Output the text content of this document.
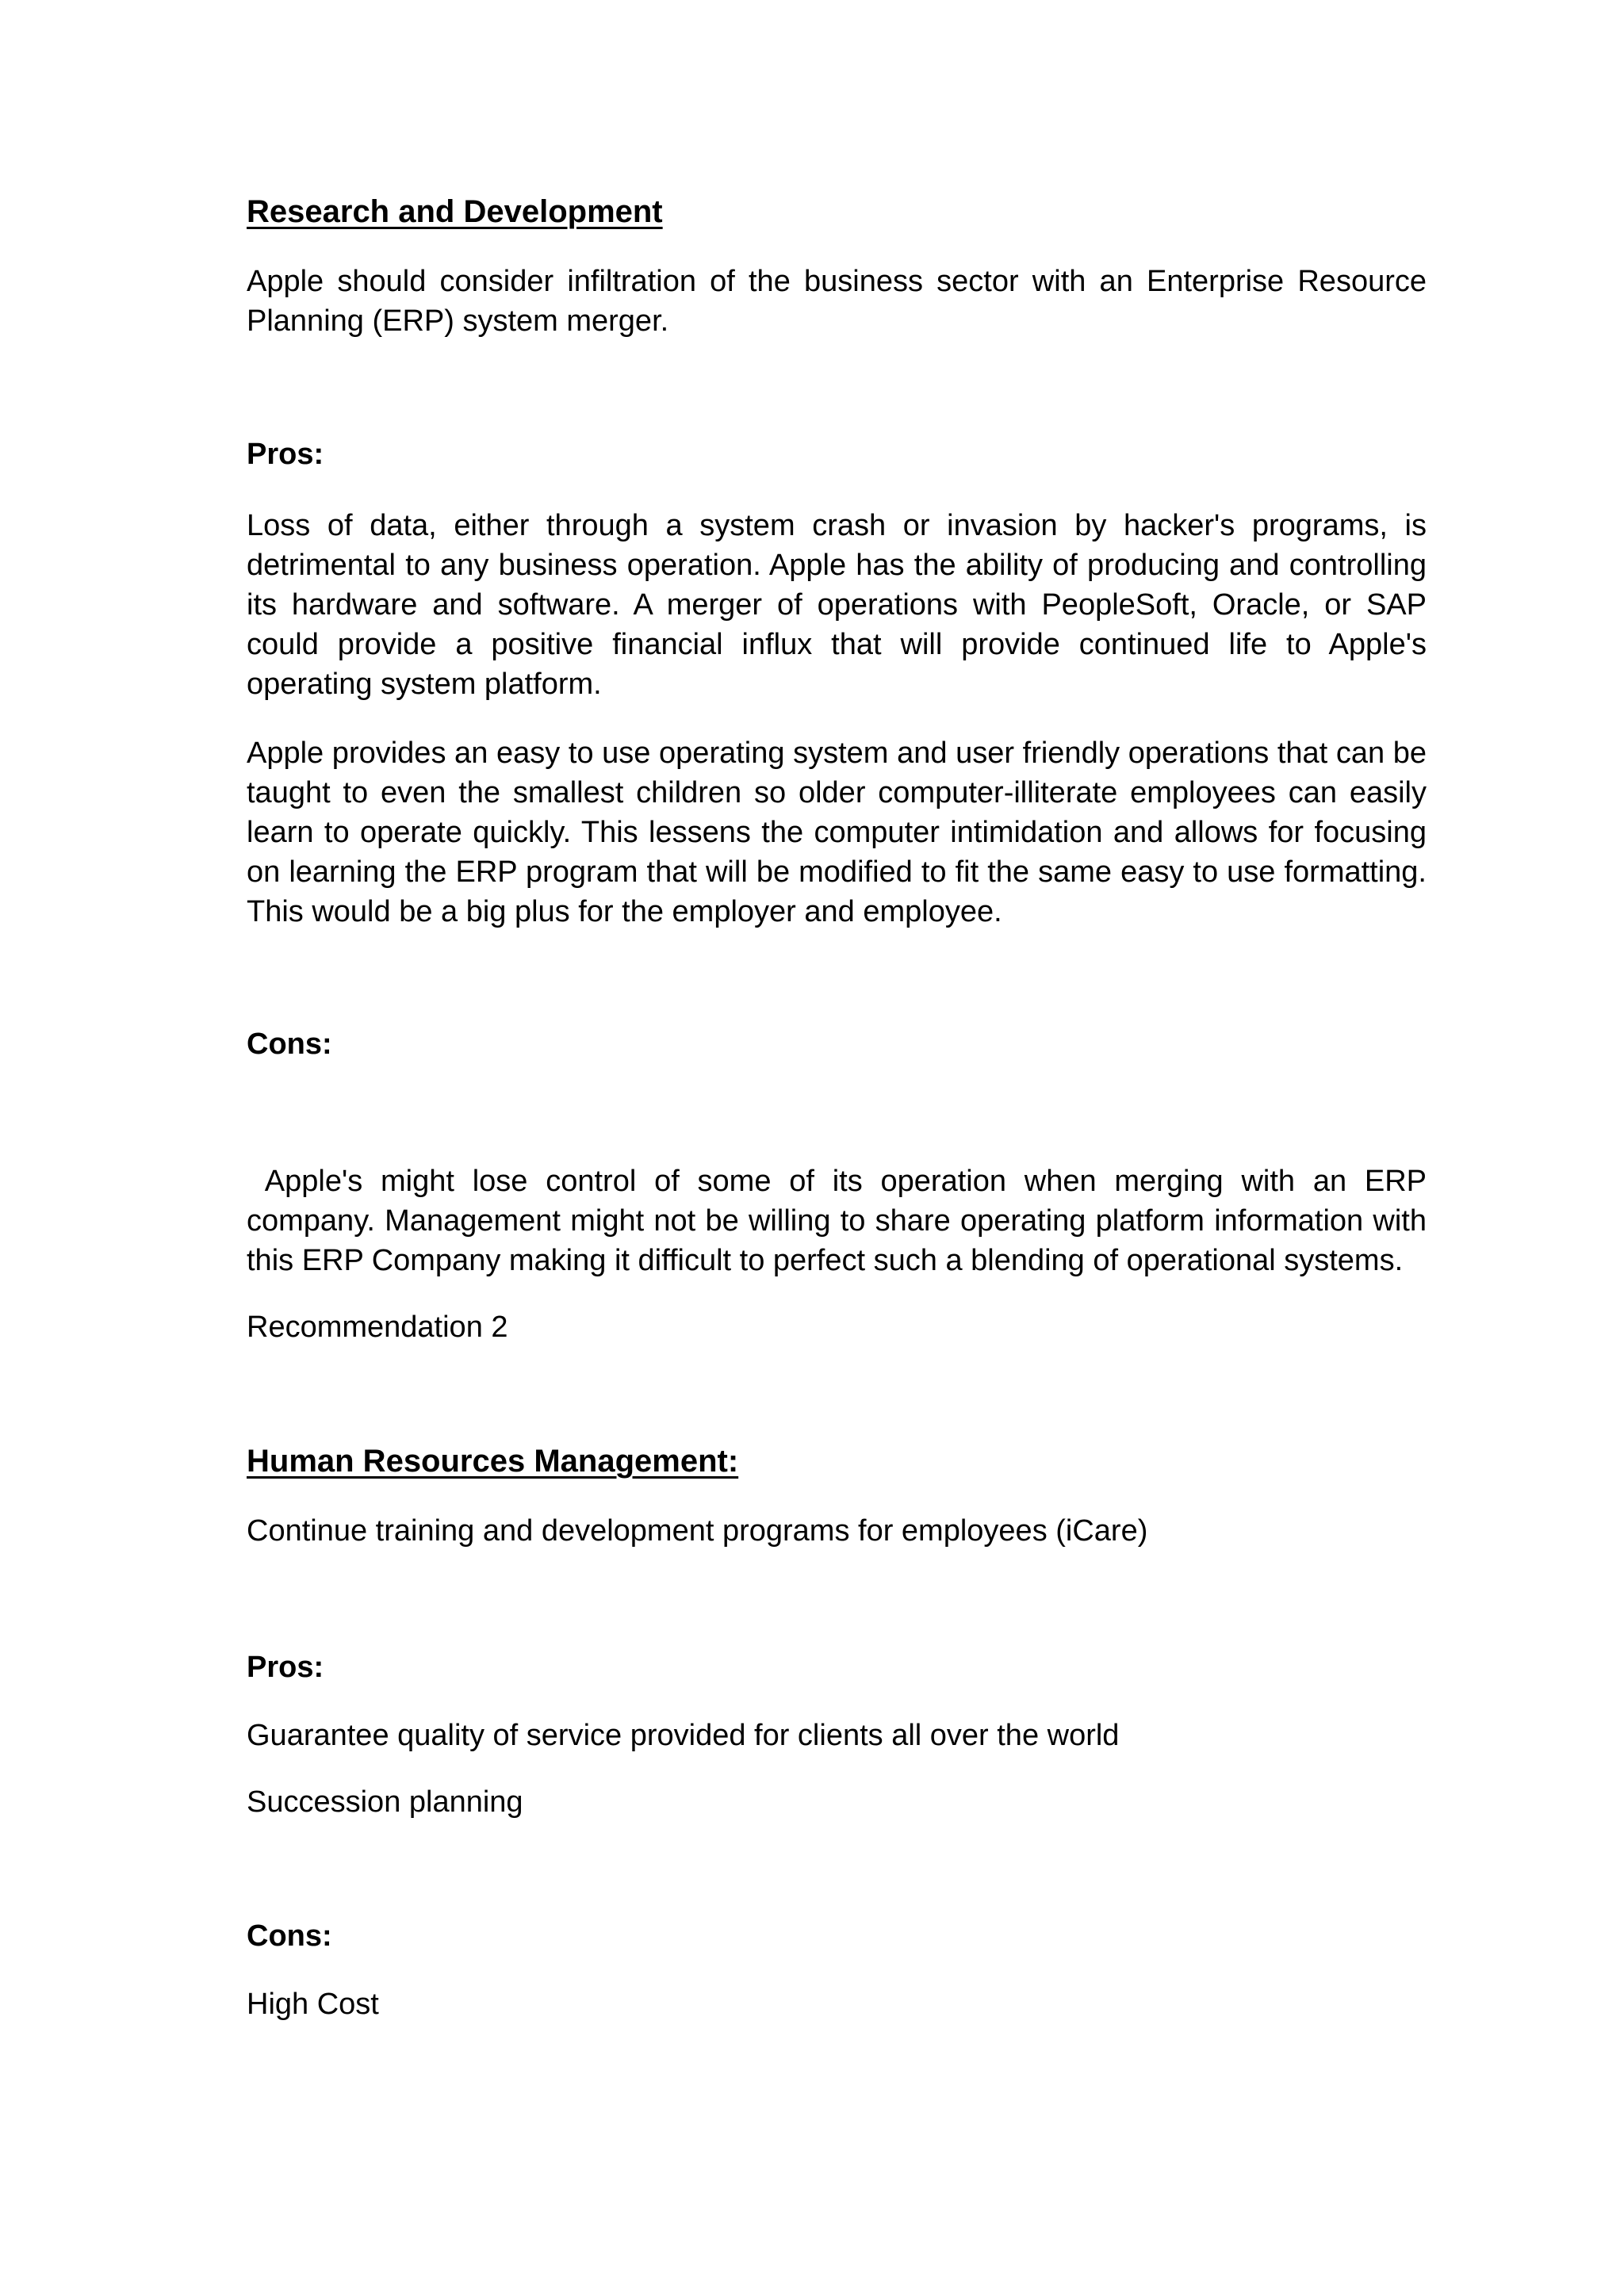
Research and Development

Apple should consider infiltration of the business sector with an Enterprise Resource Planning (ERP) system merger.

Pros:

Loss of data, either through a system crash or invasion by hacker's programs, is detrimental to any business operation. Apple has the ability of producing and controlling its hardware and software. A merger of operations with PeopleSoft, Oracle, or SAP could provide a positive financial influx that will provide continued life to Apple's operating system platform.

Apple provides an easy to use operating system and user friendly operations that can be taught to even the smallest children so older computer-illiterate employees can easily learn to operate quickly. This lessens the computer intimidation and allows for focusing on learning the ERP program that will be modified to fit the same easy to use formatting. This would be a big plus for the employer and employee.

Cons:

Apple's might lose control of some of its operation when merging with an ERP company. Management might not be willing to share operating platform information with this ERP Company making it difficult to perfect such a blending of operational systems.

Recommendation 2

Human Resources Management:

Continue training and development programs for employees (iCare)

Pros:

Guarantee quality of service provided for clients all over the world

Succession planning

Cons:

High Cost
